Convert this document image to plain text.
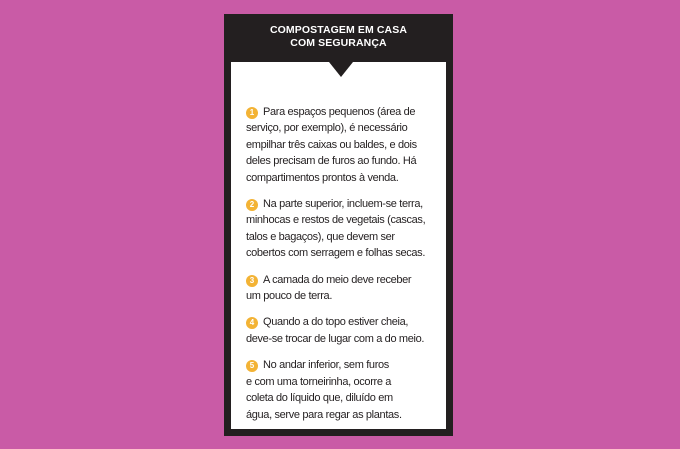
COMPOSTAGEM EM CASA
COM SEGURANÇA
1 Para espaços pequenos (área de
serviço, por exemplo), é necessário
empilhar três caixas ou baldes, e dois
deles precisam de furos ao fundo. Há
compartimentos prontos à venda.
2 Na parte superior, incluem-se terra,
minhocas e restos de vegetais (cascas,
talos e bagaços), que devem ser
cobertos com serragem e folhas secas.
3 A camada do meio deve receber
um pouco de terra.
4 Quando a do topo estiver cheia,
deve-se trocar de lugar com a do meio.
5 No andar inferior, sem furos
e com uma torneirinha, ocorre a
coleta do líquido que, diluído em
água, serve para regar as plantas.
